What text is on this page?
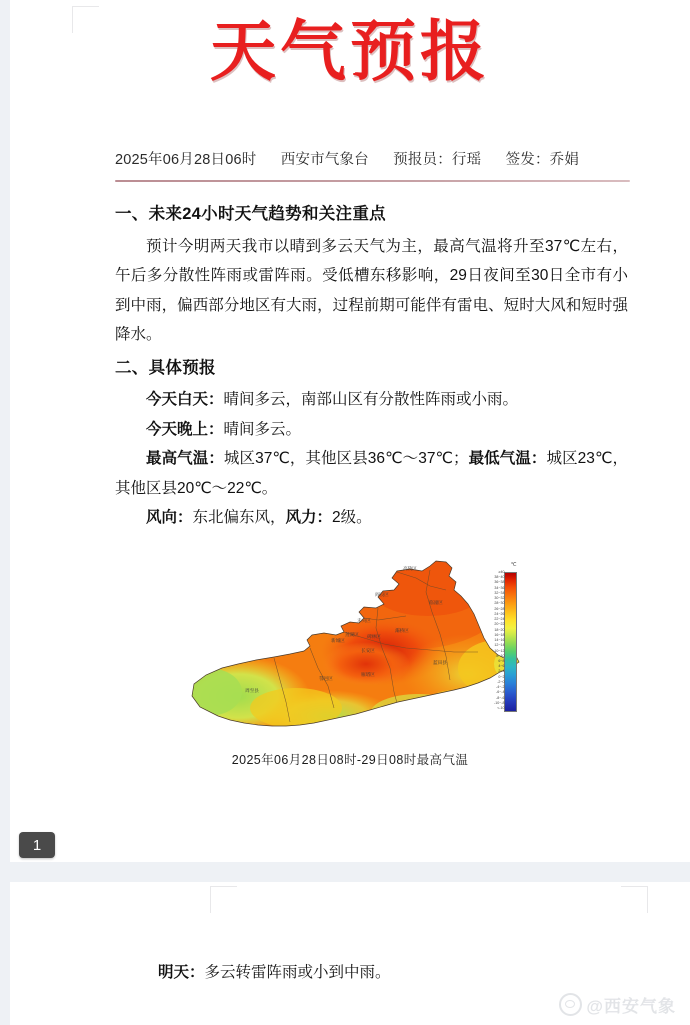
天气预报
2025年06月28日06时 西安市气象台 预报员：行瑶 签发：乔娟
一、未来24小时天气趋势和关注重点

预计今明两天我市以晴到多云天气为主，最高气温将升至37℃左右，午后多分散性阵雨或雷阵雨。受低槽东移影响，29日夜间至30日全市有小到中雨，偏西部分地区有大雨，过程前期可能伴有雷电、短时大风和短时强降水。

二、具体预报

今天白天：晴间多云，南部山区有分散性阵雨或小雨。

今天晚上：晴间多云。

最高气温：城区37℃，其他区县36℃～37℃；最低气温：城区23℃，其他区县20℃～22℃。

风向：东北偏东风，风力：2级。

高陵区
阎良区
临潼区
未央区
灞桥区
长安区
周至县
鄠邑区
蓝田县
新城区
莲湖区 碑林区
雁塔区
℃
≥40
38~40
36~38
34~36
32~34
30~32
28~30
26~28
24~26
22~24
20~22
18~20
16~18
14~16
12~14
10~12
8~10
6~8
4~6
2~4
0~2
-2~0
-4~-2
-6~-4
-8~-6
-10~-8
<-10
2025年06月28日08时-29日08时最高气温
明天：多云转雷阵雨或小到中雨。
@西安气象
1
